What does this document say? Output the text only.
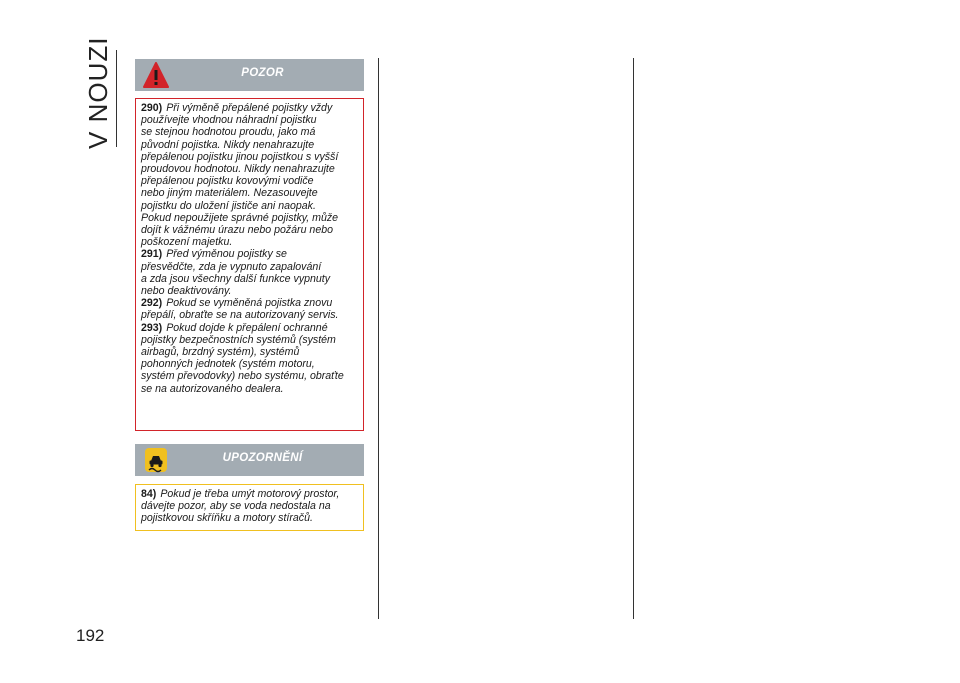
V NOUZI
192
POZOR

290) Při výměně přepálené pojistky vždy
používejte vhodnou náhradní pojistku
se stejnou hodnotou proudu, jako má
původní pojistka. Nikdy nenahrazujte
přepálenou pojistku jinou pojistkou s vyšší
proudovou hodnotou. Nikdy nenahrazujte
přepálenou pojistku kovovými vodiče
nebo jiným materiálem. Nezasouvejte
pojistku do uložení jističe ani naopak.
Pokud nepoužijete správné pojistky, může
dojít k vážnému úrazu nebo požáru nebo
poškození majetku.

291) Před výměnou pojistky se
přesvědčte, zda je vypnuto zapalování
a zda jsou všechny další funkce vypnuty
nebo deaktivovány.

292) Pokud se vyměněná pojistka znovu
přepálí, obraťte se na autorizovaný servis.

293) Pokud dojde k přepálení ochranné
pojistky bezpečnostních systémů (systém
airbagů, brzdný systém), systémů
pohonných jednotek (systém motoru,
systém převodovky) nebo systému, obraťte
se na autorizovaného dealera.

UPOZORNĚNÍ

84) Pokud je třeba umýt motorový prostor,
dávejte pozor, aby se voda nedostala na
pojistkovou skříňku a motory stíračů.
